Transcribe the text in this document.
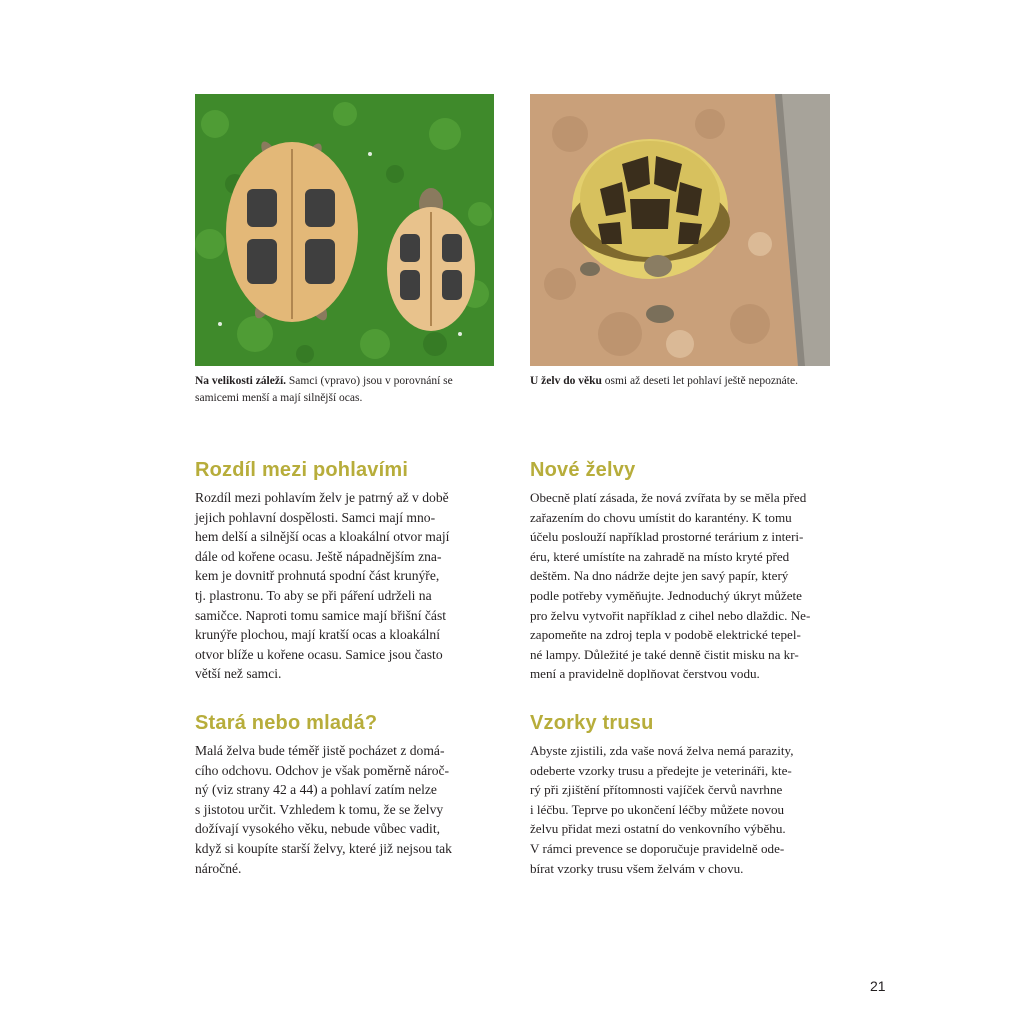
Na velikosti záleží. Samci (vpravo) jsou v porovnání se
samicemi menší a mají silnější ocas.
U želv do věku osmi až deseti let pohlaví ještě nepoznáte.
Rozdíl mezi pohlavími

Rozdíl mezi pohlavím želv je patrný až v době
jejich pohlavní dospělosti. Samci mají mno-
hem delší a silnější ocas a kloakální otvor mají
dále od kořene ocasu. Ještě nápadnějším zna-
kem je dovnitř prohnutá spodní část krunýře,
tj. plastronu. To aby se při páření udrželi na
samičce. Naproti tomu samice mají břišní část
krunýře plochou, mají kratší ocas a kloakální
otvor blíže u kořene ocasu. Samice jsou často
větší než samci.

Nové želvy

Obecně platí zásada, že nová zvířata by se měla před
zařazením do chovu umístit do karantény. K tomu
účelu poslouží například prostorné terárium z interi-
éru, které umístíte na zahradě na místo kryté před
deštěm. Na dno nádrže dejte jen savý papír, který
podle potřeby vyměňujte. Jednoduchý úkryt můžete
pro želvu vytvořit například z cihel nebo dlaždic. Ne-
zapomeňte na zdroj tepla v podobě elektrické tepel-
né lampy. Důležité je také denně čistit misku na kr-
mení a pravidelně doplňovat čerstvou vodu.

Stará nebo mladá?

Malá želva bude téměř jistě pocházet z domá-
cího odchovu. Odchov je však poměrně nároč-
ný (viz strany 42 a 44) a pohlaví zatím nelze
s jistotou určit. Vzhledem k tomu, že se želvy
dožívají vysokého věku, nebude vůbec vadit,
když si koupíte starší želvy, které již nejsou tak
náročné.

Vzorky trusu

Abyste zjistili, zda vaše nová želva nemá parazity,
odeberte vzorky trusu a předejte je veterináři, kte-
rý při zjištění přítomnosti vajíček červů navrhne
i léčbu. Teprve po ukončení léčby můžete novou
želvu přidat mezi ostatní do venkovního výběhu.
V rámci prevence se doporučuje pravidelně ode-
bírat vzorky trusu všem želvám v chovu.

21
